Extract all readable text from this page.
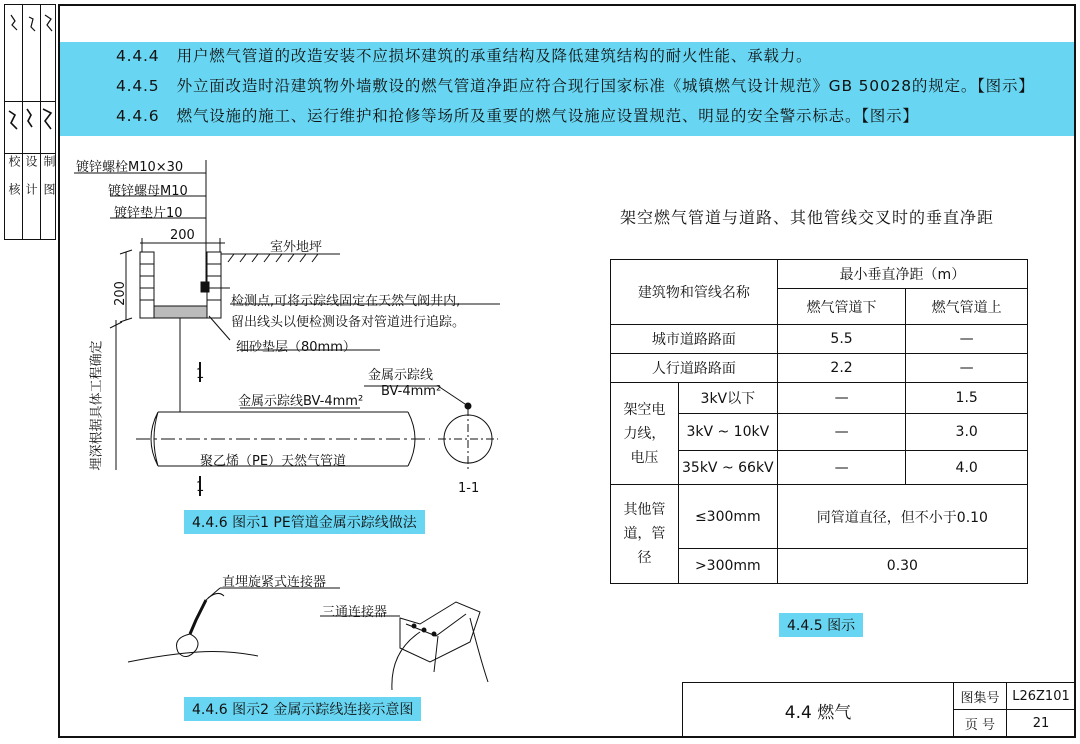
校 核 设 计 制 图
4.4.4 用户燃气管道的改造安装不应损坏建筑的承重结构及降低建筑结构的耐火性能、承载力。
4.4.5 外立面改造时沿建筑物外墙敷设的燃气管道净距应符合现行国家标准《城镇燃气设计规范》GB 50028的规定。【图示】
4.4.6 燃气设施的施工、运行维护和抢修等场所及重要的燃气设施应设置规范、明显的安全警示标志。【图示】
镀锌螺栓M10×30
镀锌螺母M10
镀锌垫片10
200
200
室外地坪
检测点,可将示踪线固定在天然气阀井内,
留出线头以便检测设备对管道进行追踪。
细砂垫层（80mm）
埋深根据具体工程确定	1
1
金属示踪线BV-4mm²
金属示踪线
BV-4mm²
聚乙烯（PE）天然气管道
1-1
4.4.6 图示1 PE管道金属示踪线做法
直埋旋紧式连接器
三通连接器
4.4.6 图示2 金属示踪线连接示意图
架空燃气管道与道路、其他管线交叉时的垂直净距
建筑物和管线名称		最小垂直净距（m）	
		燃气管道下	燃气管道上
城市道路路面		5.5	—
人行道路路面		2.2	—
架空电力线，电压	3kV以下	—	1.5
	3kV ~ 10kV	—	3.0
	35kV ~ 66kV	—	4.0
其他管道，管径	≤300mm	同管道直径，但不小于0.10	
	>300mm	0.30	
4.4.5 图示
4.4 燃气
图集号 L26Z101
页 号	21
